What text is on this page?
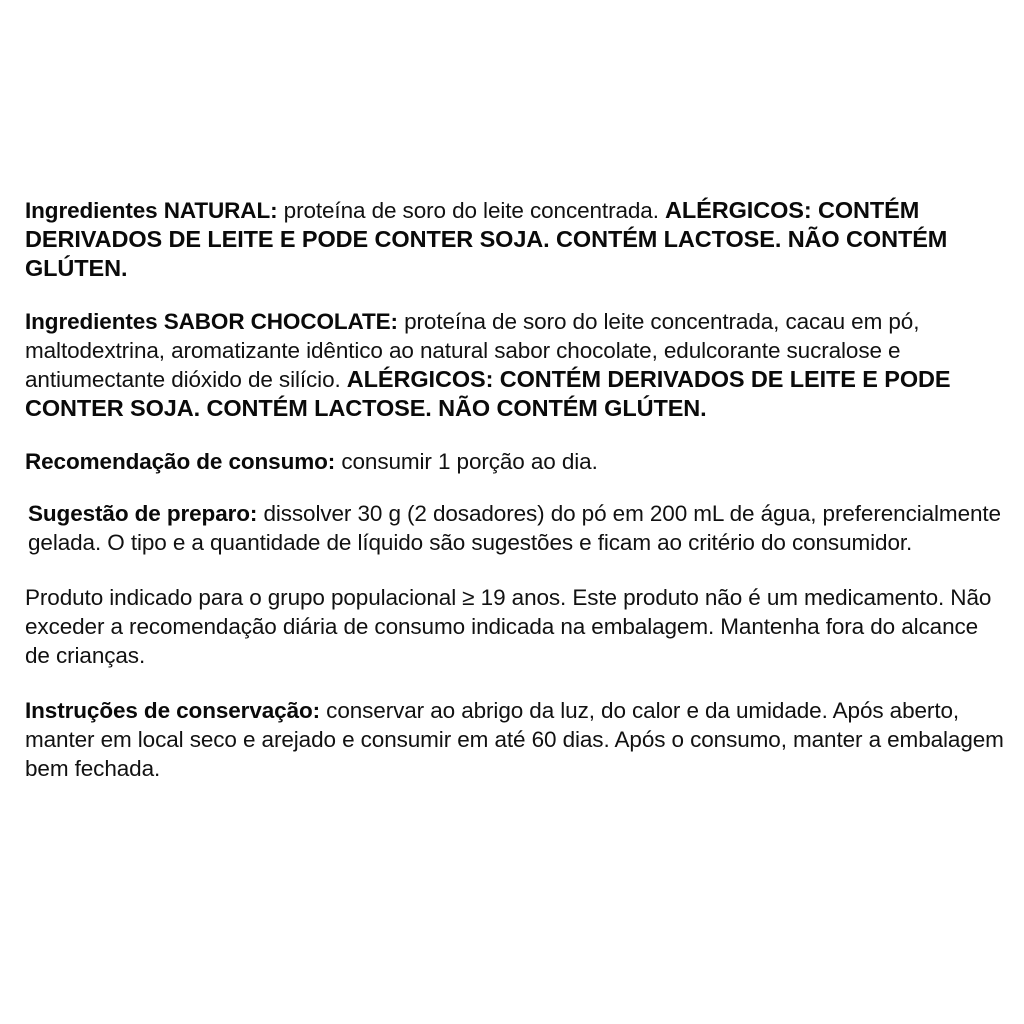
Ingredientes NATURAL: proteína de soro do leite concentrada. ALÉRGICOS: CONTÉM DERIVADOS DE LEITE E PODE CONTER SOJA. CONTÉM LACTOSE. NÃO CONTÉM GLÚTEN.

Ingredientes SABOR CHOCOLATE: proteína de soro do leite concentrada, cacau em pó, maltodextrina, aromatizante idêntico ao natural sabor chocolate, edulcorante sucralose e antiumectante dióxido de silício. ALÉRGICOS: CONTÉM DERIVADOS DE LEITE E PODE CONTER SOJA. CONTÉM LACTOSE. NÃO CONTÉM GLÚTEN.

Recomendação de consumo: consumir 1 porção ao dia.

Sugestão de preparo: dissolver 30 g (2 dosadores) do pó em 200 mL de água, preferencialmente gelada. O tipo e a quantidade de líquido são sugestões e ficam ao critério do consumidor.

Produto indicado para o grupo populacional ≥ 19 anos. Este produto não é um medicamento. Não exceder a recomendação diária de consumo indicada na embalagem. Mantenha fora do alcance de crianças.

Instruções de conservação: conservar ao abrigo da luz, do calor e da umidade. Após aberto, manter em local seco e arejado e consumir em até 60 dias. Após o consumo, manter a embalagem bem fechada.
